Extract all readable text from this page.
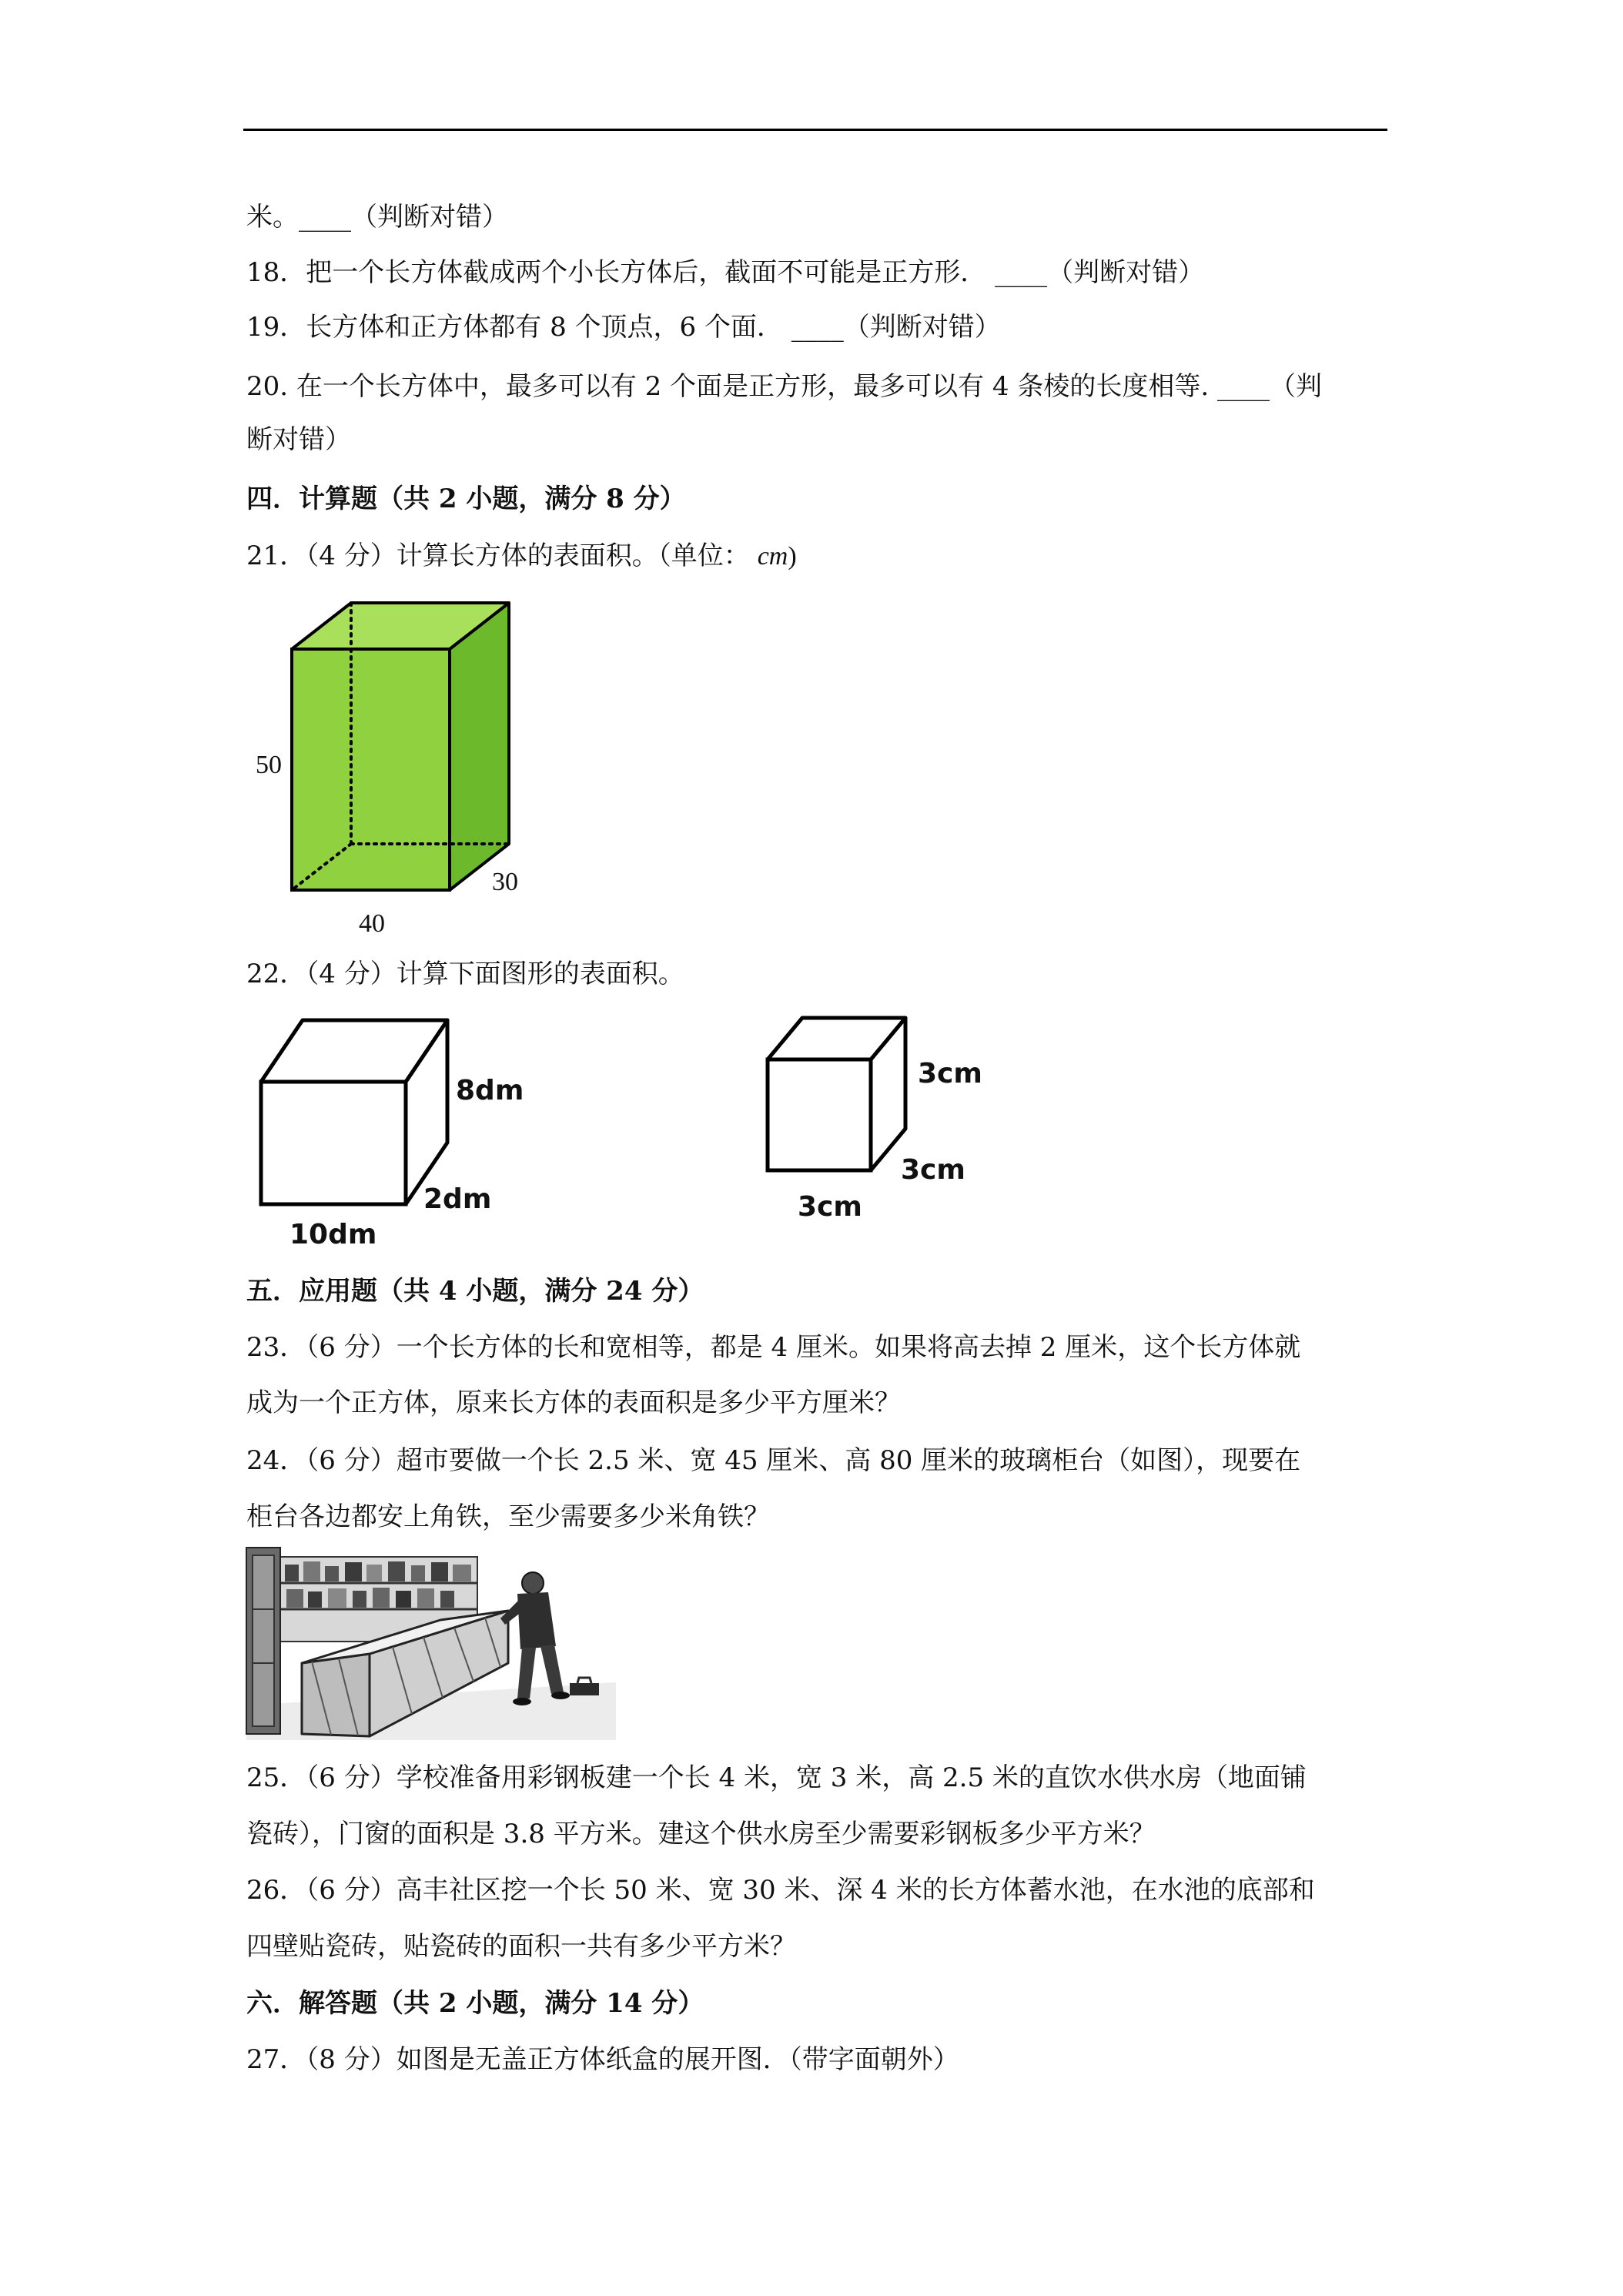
米。____（判断对错）
18．把一个长方体截成两个小长方体后，截面不可能是正方形． ____（判断对错）
19．长方体和正方体都有 8 个顶点，6 个面． ____（判断对错）
20. 在一个长方体中，最多可以有 2 个面是正方形，最多可以有 4 条棱的长度相等. ____（判
断对错）
四．计算题（共 2 小题，满分 8 分）
21．（4 分）计算长方体的表面积。（单位： cm)
50
40
30
22．（4 分）计算下面图形的表面积。
8dm
2dm
10dm
3cm
3cm
3cm
五．应用题（共 4 小题，满分 24 分）
23．（6 分）一个长方体的长和宽相等，都是 4 厘米。如果将高去掉 2 厘米，这个长方体就
成为一个正方体，原来长方体的表面积是多少平方厘米？
24．（6 分）超市要做一个长 2.5 米、宽 45 厘米、高 80 厘米的玻璃柜台（如图），现要在
柜台各边都安上角铁，至少需要多少米角铁？
25．（6 分）学校准备用彩钢板建一个长 4 米，宽 3 米，高 2.5 米的直饮水供水房（地面铺
瓷砖），门窗的面积是 3.8 平方米。建这个供水房至少需要彩钢板多少平方米？
26．（6 分）高丰社区挖一个长 50 米、宽 30 米、深 4 米的长方体蓄水池，在水池的底部和
四壁贴瓷砖，贴瓷砖的面积一共有多少平方米？
六．解答题（共 2 小题，满分 14 分）
27．（8 分）如图是无盖正方体纸盒的展开图．（带字面朝外）
